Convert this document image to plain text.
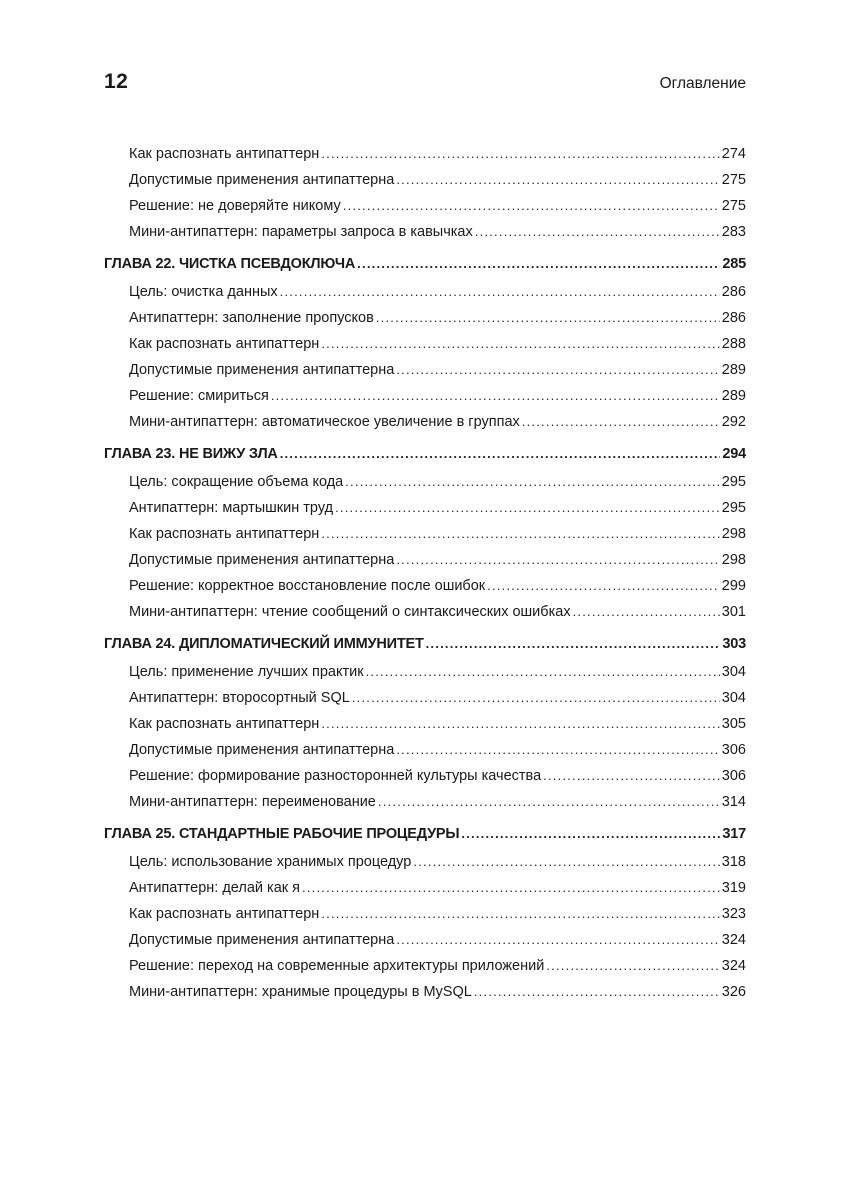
12	Оглавление
Как распознать антипаттерн . . .	274
Допустимые применения антипаттерна . . .	275
Решение: не доверяйте никому . . .	275
Мини-антипаттерн: параметры запроса в кавычках . . .	283
ГЛАВА 22. ЧИСТКА ПСЕВДОКЛЮЧА . . .	285
Цель: очистка данных . . .	286
Антипаттерн: заполнение пропусков . . .	286
Как распознать антипаттерн . . .	288
Допустимые применения антипаттерна . . .	289
Решение: смириться . . .	289
Мини-антипаттерн: автоматическое увеличение в группах . . .	292
ГЛАВА 23. НЕ ВИЖУ ЗЛА . . .	294
Цель: сокращение объема кода . . .	295
Антипаттерн: мартышкин труд . . .	295
Как распознать антипаттерн . . .	298
Допустимые применения антипаттерна . . .	298
Решение: корректное восстановление после ошибок . . .	299
Мини-антипаттерн: чтение сообщений о синтаксических ошибках . . .	301
ГЛАВА 24. ДИПЛОМАТИЧЕСКИЙ ИММУНИТЕТ . . .	303
Цель: применение лучших практик . . .	304
Антипаттерн: второсортный SQL . . .	304
Как распознать антипаттерн . . .	305
Допустимые применения антипаттерна . . .	306
Решение: формирование разносторонней культуры качества . . .	306
Мини-антипаттерн: переименование . . .	314
ГЛАВА 25. СТАНДАРТНЫЕ РАБОЧИЕ ПРОЦЕДУРЫ . . .	317
Цель: использование хранимых процедур . . .	318
Антипаттерн: делай как я . . .	319
Как распознать антипаттерн . . .	323
Допустимые применения антипаттерна . . .	324
Решение: переход на современные архитектуры приложений . . .	324
Мини-антипаттерн: хранимые процедуры в MySQL . . .	326
